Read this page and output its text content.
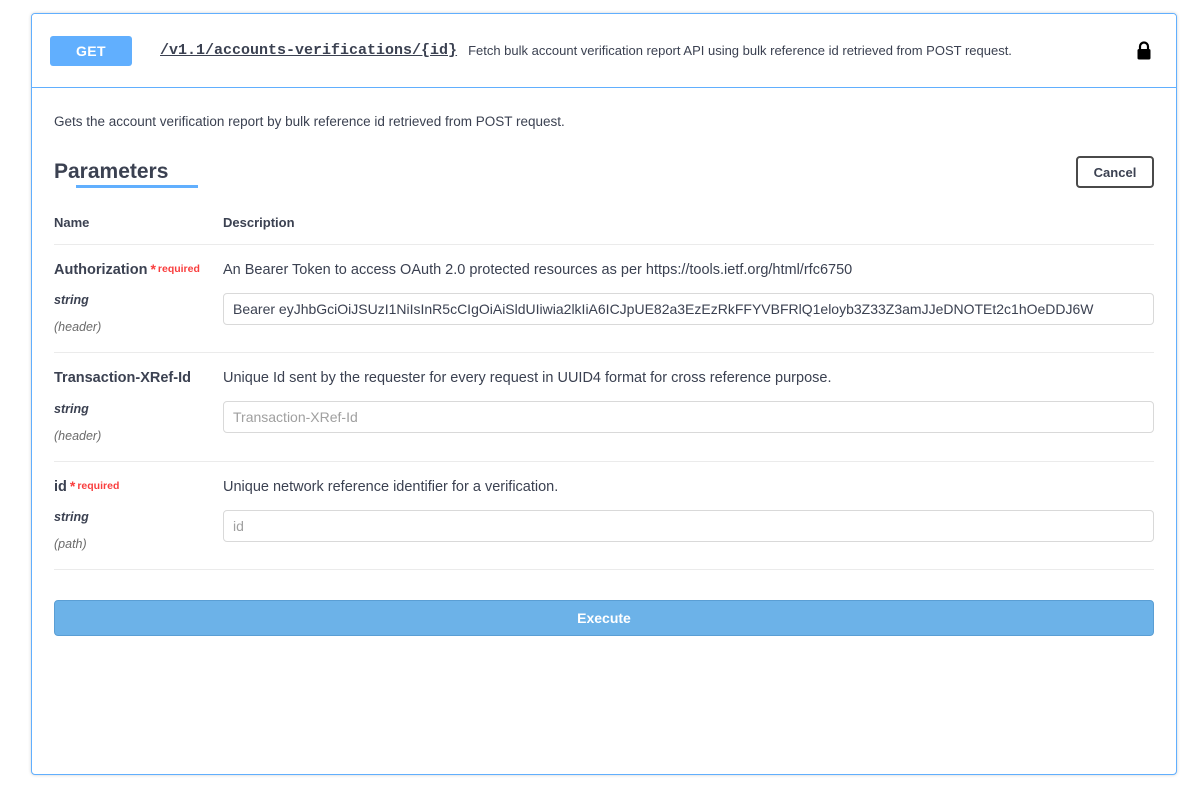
GET	/v1.1/accounts-verifications/{id} Fetch bulk account verification report API using bulk reference id retrieved from POST request.
Gets the account verification report by bulk reference id retrieved from POST request.
Parameters	Cancel
Name	Description

Authorization * required
string
(header)	An Bearer Token to access OAuth 2.0 protected resources as per https://tools.ietf.org/html/rfc6750

Bearer eyJhbGciOiJSUzI1NiIsInR5cCIgOiAiSldUIiwia2lkIiA6ICJpUE82a3EzEzRkFFYVBFRlQ1eloyb3Z33Z3amJJeDNOTEt2c1hOeDDJ6W

Transaction-XRef-Id
string
(header)	Unique Id sent by the requester for every request in UUID4 format for cross reference purpose.

Transaction-XRef-Id

id * required
string
(path)	Unique network reference identifier for a verification.

id
Execute
